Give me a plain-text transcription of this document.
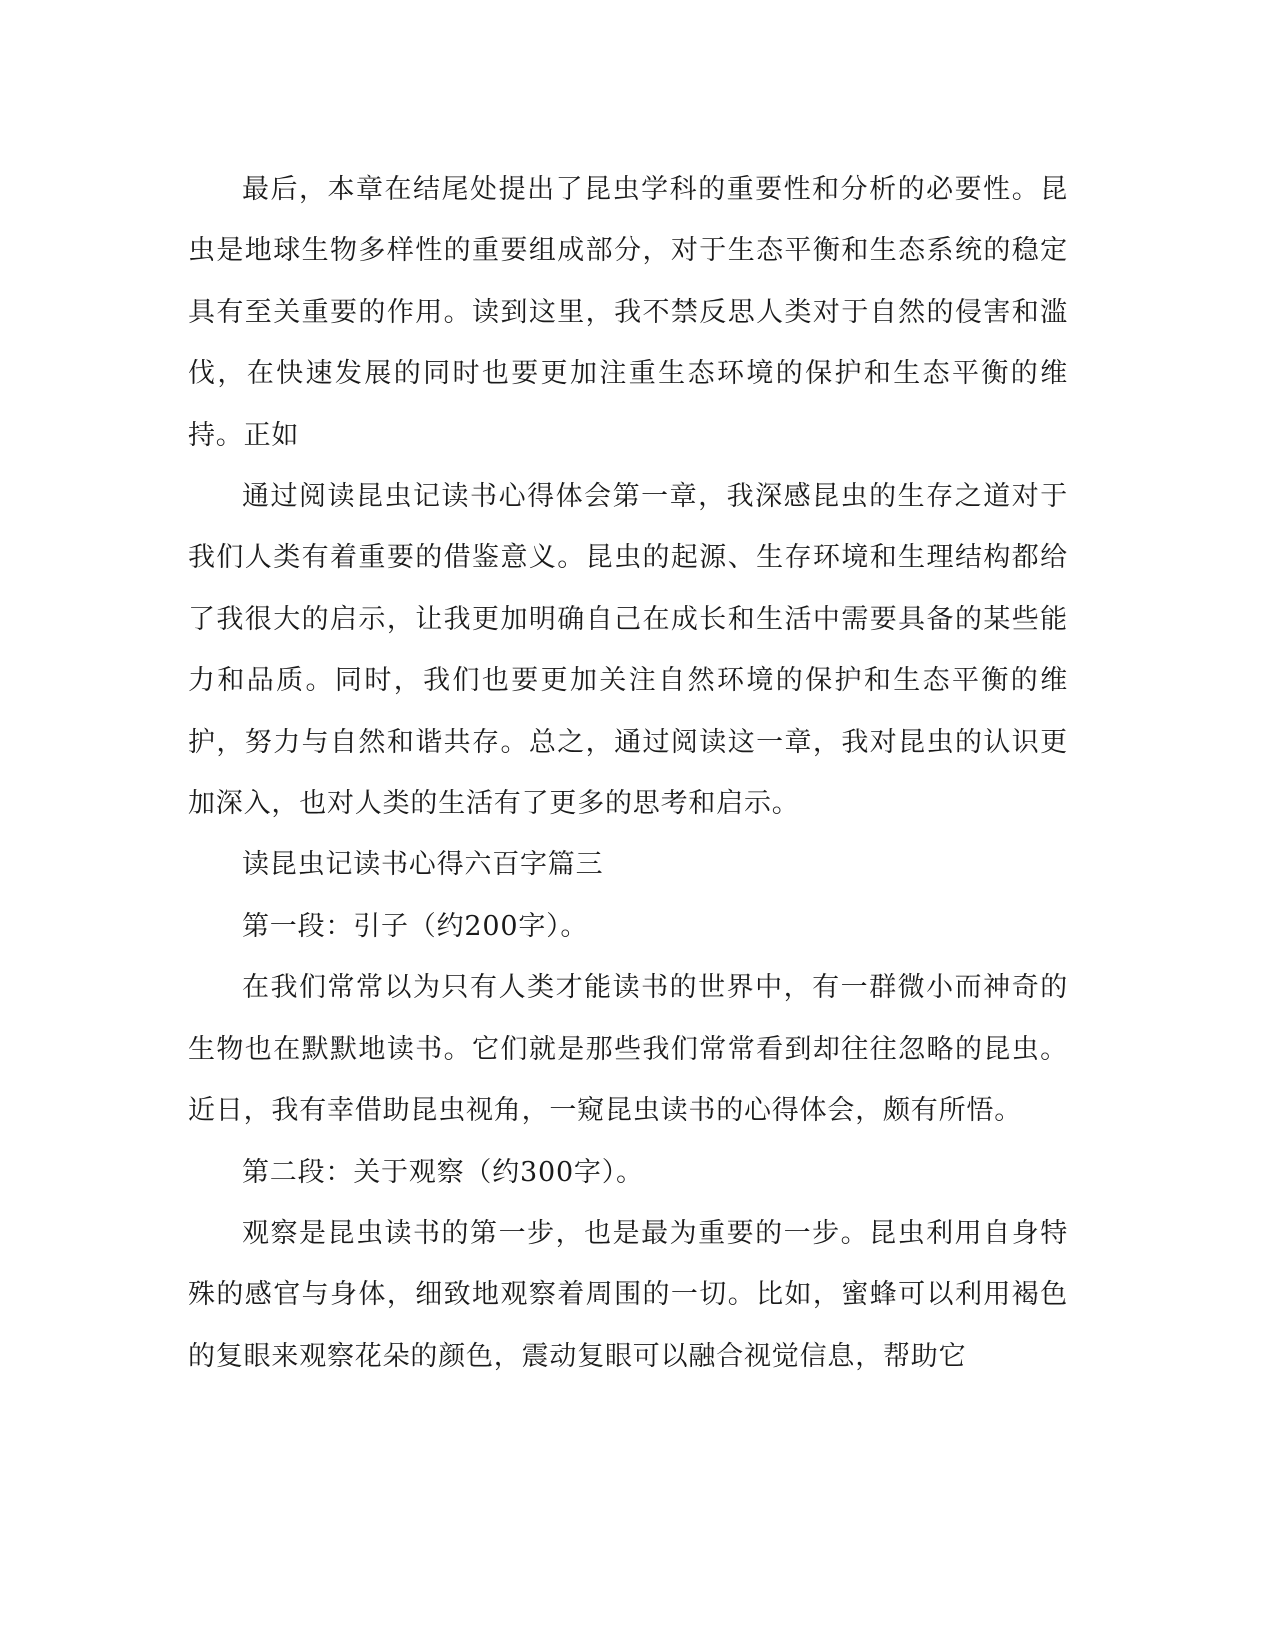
最后，本章在结尾处提出了昆虫学科的重要性和分析的必要性。昆虫是地球生物多样性的重要组成部分，对于生态平衡和生态系统的稳定具有至关重要的作用。读到这里，我不禁反思人类对于自然的侵害和滥伐，在快速发展的同时也要更加注重生态环境的保护和生态平衡的维持。正如

通过阅读昆虫记读书心得体会第一章，我深感昆虫的生存之道对于我们人类有着重要的借鉴意义。昆虫的起源、生存环境和生理结构都给了我很大的启示，让我更加明确自己在成长和生活中需要具备的某些能力和品质。同时，我们也要更加关注自然环境的保护和生态平衡的维护，努力与自然和谐共存。总之，通过阅读这一章，我对昆虫的认识更加深入，也对人类的生活有了更多的思考和启示。

读昆虫记读书心得六百字篇三

第一段：引子（约200字）。

在我们常常以为只有人类才能读书的世界中，有一群微小而神奇的生物也在默默地读书。它们就是那些我们常常看到却往往忽略的昆虫。近日，我有幸借助昆虫视角，一窥昆虫读书的心得体会，颇有所悟。

第二段：关于观察（约300字）。

观察是昆虫读书的第一步，也是最为重要的一步。昆虫利用自身特殊的感官与身体，细致地观察着周围的一切。比如，蜜蜂可以利用褐色的复眼来观察花朵的颜色，震动复眼可以融合视觉信息，帮助它
